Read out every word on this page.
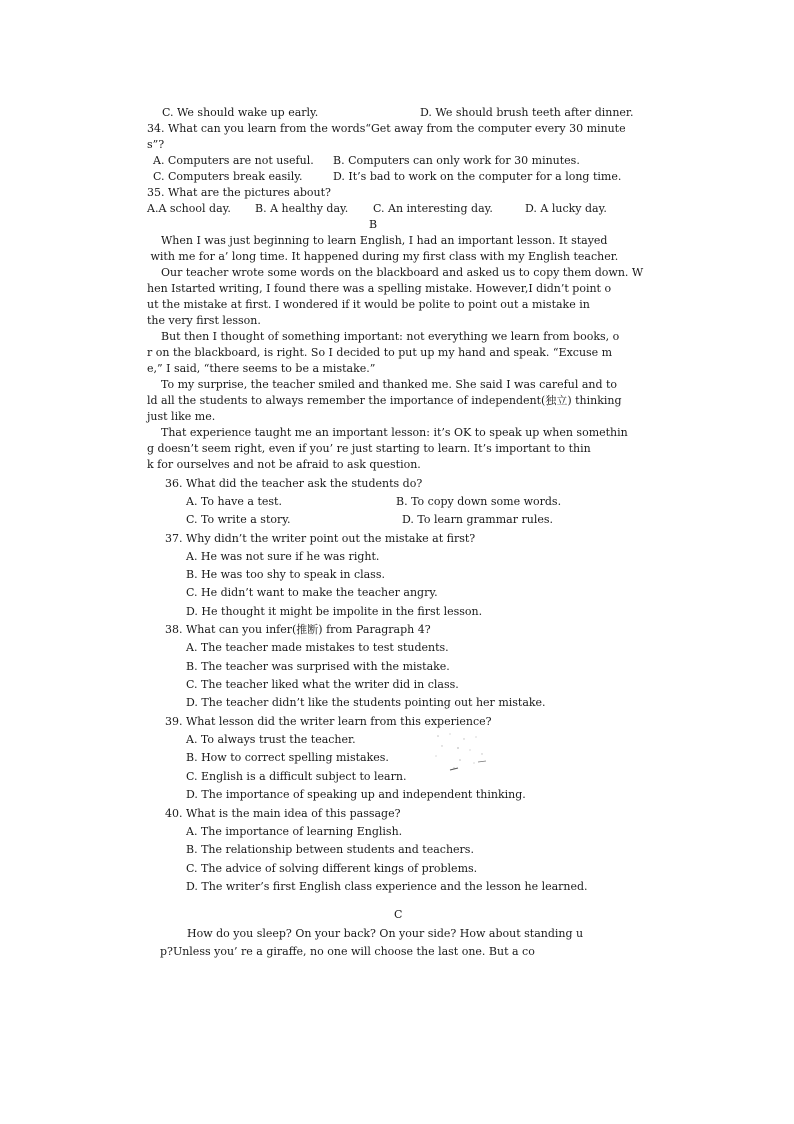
C. We should wake up early.	D. We should brush teeth after dinner.
34. What can you learn from the words“Get away from the computer every 30 minute
s”?
A. Computers are not useful. B. Computers can only work for 30 minutes.
C. Computers break easily.	D. It’s bad to work on the computer for a long time.
35. What are the pictures about?
A.A school day. B. A healthy day. C. An interesting day.	D. A lucky day.
B
When I was just beginning to learn English, I had an important lesson. It stayed
with me for a’ long time. It happened during my first class with my English teacher.
Our teacher wrote some words on the blackboard and asked us to copy them down. W
hen Istarted writing, I found there was a spelling mistake. However,I didn’t point o
ut the mistake at first. I wondered if it would be polite to point out a mistake in
the very first lesson.
But then I thought of something important: not everything we learn from books, o
r on the blackboard, is right. So I decided to put up my hand and speak. “Excuse m
e,” I said, “there seems to be a mistake.”
To my surprise, the teacher smiled and thanked me. She said I was careful and to
ld all the students to always remember the importance of independent(独立) thinking
just like me.
That experience taught me an important lesson: it’s OK to speak up when somethin
g doesn’t seem right, even if you’ re just starting to learn. It’s important to thin
k for ourselves and not be afraid to ask question.
36. What did the teacher ask the students do?
A. To have a test.	B. To copy down some words.
C. To write a story.	D. To learn grammar rules.
37. Why didn’t the writer point out the mistake at first?
A. He was not sure if he was right.
B. He was too shy to speak in class.
C. He didn’t want to make the teacher angry.
D. He thought it might be impolite in the first lesson.
38. What can you infer(推断) from Paragraph 4?
A. The teacher made mistakes to test students.
B. The teacher was surprised with the mistake.
C. The teacher liked what the writer did in class.
D. The teacher didn’t like the students pointing out her mistake.
39. What lesson did the writer learn from this experience?
A. To always trust the teacher.
B. How to correct spelling mistakes.
C. English is a difficult subject to learn.
D. The importance of speaking up and independent thinking.
40. What is the main idea of this passage?
A. The importance of learning English.
B. The relationship between students and teachers.
C. The advice of solving different kings of problems.
D. The writer’s first English class experience and the lesson he learned.
C
How do you sleep? On your back? On your side? How about standing u
p?Unless you’ re a giraffe, no one will choose the last one. But a co
